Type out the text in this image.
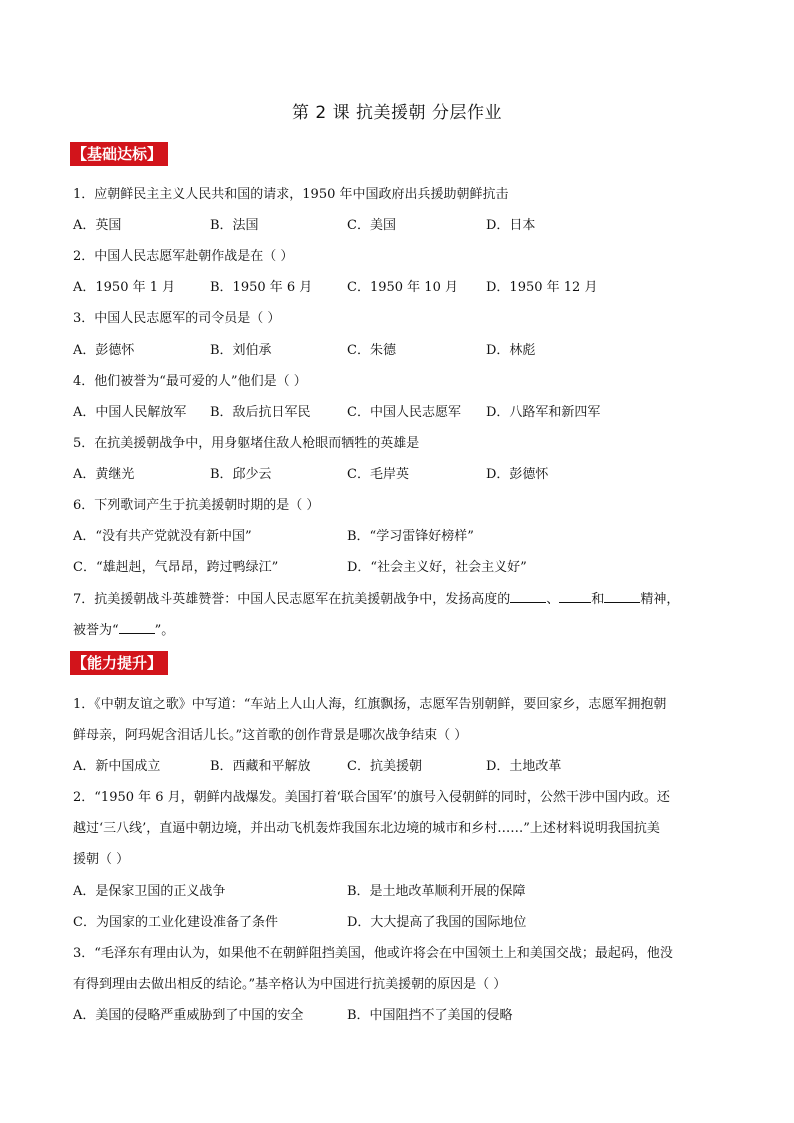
第 2 课 抗美援朝 分层作业
【基础达标】
1．应朝鲜民主主义人民共和国的请求，1950 年中国政府出兵援助朝鲜抗击
A．英国	B．法国	C．美国	D．日本
2．中国人民志愿军赴朝作战是在（ ）
A．1950 年 1 月	B．1950 年 6 月	C．1950 年 10 月 D．1950 年 12 月
3．中国人民志愿军的司令员是（ ）
A．彭德怀	B．刘伯承	C．朱德	D．林彪
4．他们被誉为“最可爱的人”他们是（ ）
A．中国人民解放军 B．敌后抗日军民	C．中国人民志愿军 D．八路军和新四军
5．在抗美援朝战争中，用身躯堵住敌人枪眼而牺牲的英雄是
A．黄继光	B．邱少云	C．毛岸英	D．彭德怀
6．下列歌词产生于抗美援朝时期的是（ ）
A．“没有共产党就没有新中国”	B．“学习雷锋好榜样”
C．“雄赳赳，气昂昂，跨过鸭绿江”	D．“社会主义好，社会主义好”
7．抗美援朝战斗英雄赞誉：中国人民志愿军在抗美援朝战争中，发扬高度的	、 和	精神，
被誉为“	”。
【能力提升】
1．《中朝友谊之歌》中写道：“车站上人山人海，红旗飘扬，志愿军告别朝鲜，要回家乡，志愿军拥抱朝
鲜母亲，阿玛妮含泪话儿长。”这首歌的创作背景是哪次战争结束（ ）
A．新中国成立	B．西藏和平解放	C．抗美援朝	D．土地改革
2．“1950 年 6 月，朝鲜内战爆发。美国打着‘联合国军’的旗号入侵朝鲜的同时，公然干涉中国内政。还
越过‘三八线’，直逼中朝边境，并出动飞机轰炸我国东北边境的城市和乡村……”上述材料说明我国抗美
援朝（ ）
A．是保家卫国的正义战争	B．是土地改革顺利开展的保障
C．为国家的工业化建设准备了条件	D．大大提高了我国的国际地位
3．“毛泽东有理由认为，如果他不在朝鲜阻挡美国，他或许将会在中国领土上和美国交战；最起码，他没
有得到理由去做出相反的结论。”基辛格认为中国进行抗美援朝的原因是（ ）
A．美国的侵略严重威胁到了中国的安全	B．中国阻挡不了美国的侵略
